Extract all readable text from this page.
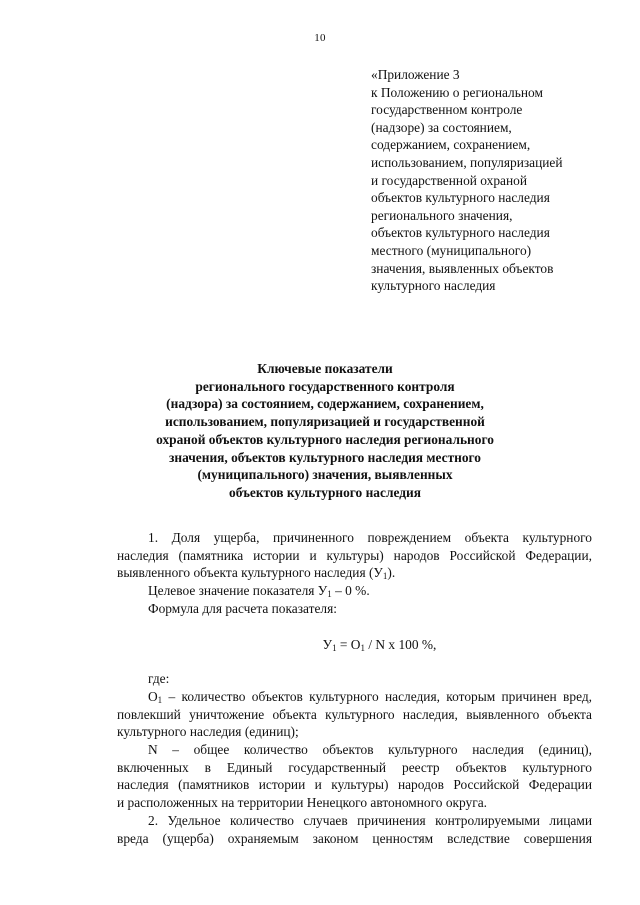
10
«Приложение 3
к Положению о региональном
государственном контроле
(надзоре) за состоянием,
содержанием, сохранением,
использованием, популяризацией
и государственной охраной
объектов культурного наследия
регионального значения,
объектов культурного наследия
местного (муниципального)
значения, выявленных объектов
культурного наследия
Ключевые показатели
регионального государственного контроля
(надзора) за состоянием, содержанием, сохранением,
использованием, популяризацией и государственной
охраной объектов культурного наследия регионального
значения, объектов культурного наследия местного
(муниципального) значения, выявленных
объектов культурного наследия
1. Доля ущерба, причиненного повреждением объекта культурного
наследия (памятника истории и культуры) народов Российской Федерации,
выявленного объекта культурного наследия $(У_1)$.
Целевое значение показателя $У_1 - 0$ %.
Формула для расчета показателя:
$У_1 = О_1 / N$ х 100 %,
где:
$О_1$ – количество объектов культурного наследия, которым причинен вред,
повлекший уничтожение объекта культурного наследия, выявленного объекта
культурного наследия (единиц);
N – общее количество объектов культурного наследия (единиц),
включенных в Единый государственный реестр объектов культурного
наследия (памятников истории и культуры) народов Российской Федерации
и расположенных на территории Ненецкого автономного округа.
2. Удельное количество случаев причинения контролируемыми лицами
вреда (ущерба) охраняемым законом ценностям вследствие совершения
